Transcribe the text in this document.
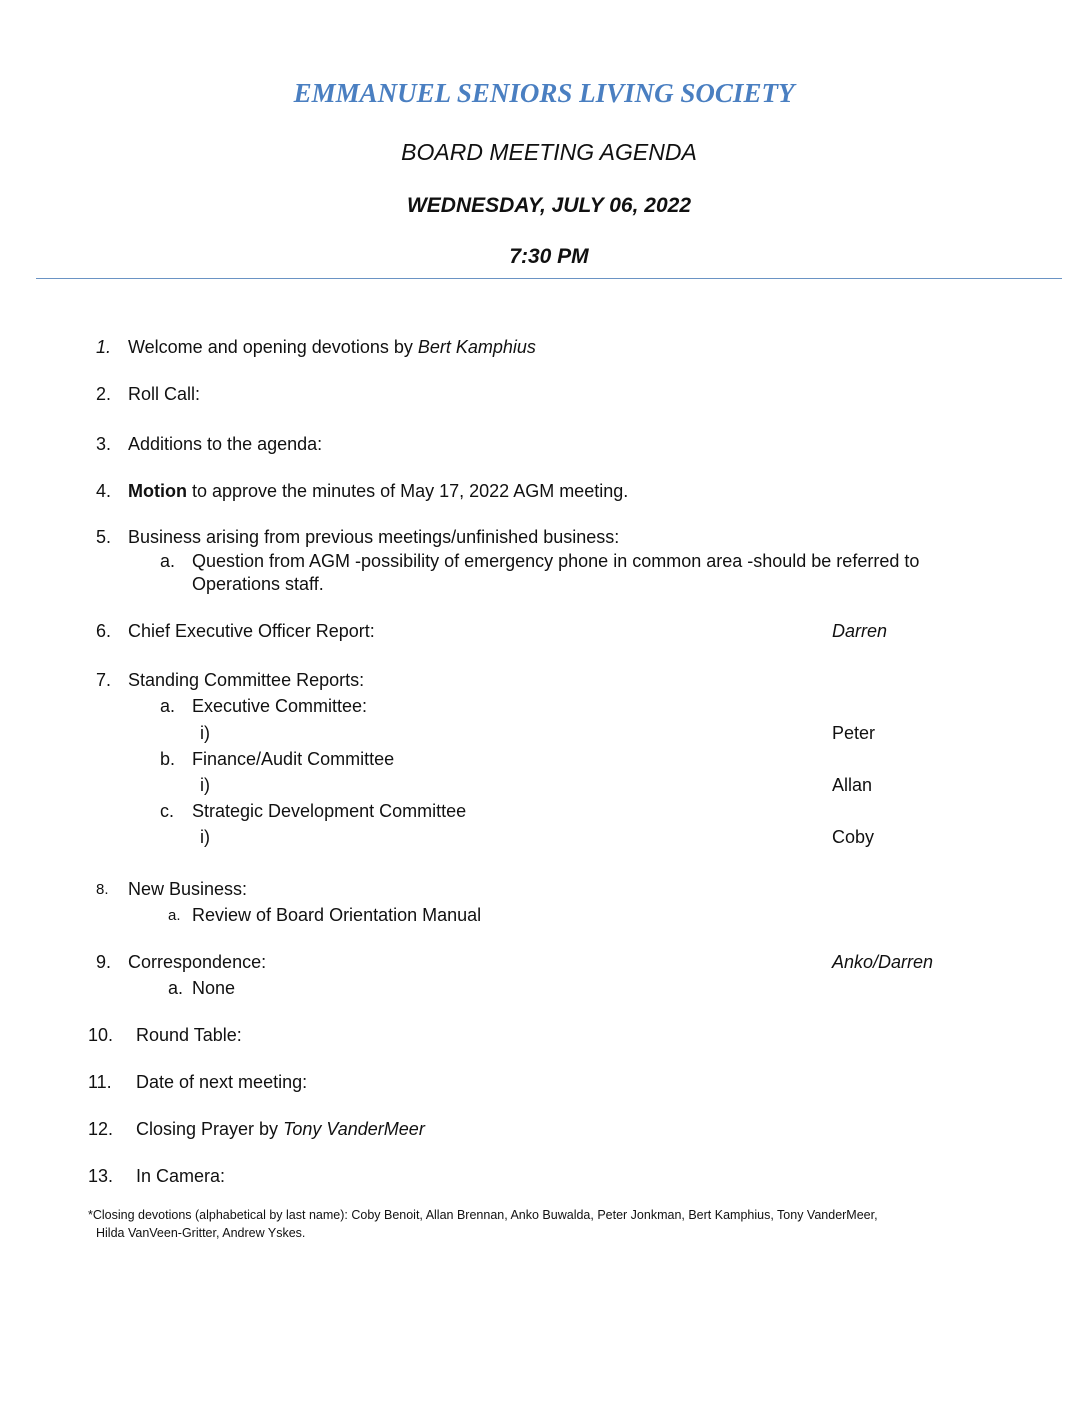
EMMANUEL SENIORS LIVING SOCIETY
BOARD MEETING AGENDA
WEDNESDAY, JULY 06, 2022
7:30 PM
1. Welcome and opening devotions by Bert Kamphius
2. Roll Call:
3. Additions to the agenda:
4. Motion to approve the minutes of May 17, 2022 AGM meeting.
5. Business arising from previous meetings/unfinished business:
a. Question from AGM -possibility of emergency phone in common area -should be referred to
Operations staff.
6. Chief Executive Officer Report:	Darren
7. Standing Committee Reports:
a. Executive Committee:
i)	Peter
b. Finance/Audit Committee
i)	Allan
c. Strategic Development Committee
i)	Coby
8. New Business:
a. Review of Board Orientation Manual
9. Correspondence:	Anko/Darren
a. None
10. Round Table:
11. Date of next meeting:
12. Closing Prayer by Tony VanderMeer
13. In Camera:
*Closing devotions (alphabetical by last name): Coby Benoit, Allan Brennan, Anko Buwalda, Peter Jonkman, Bert Kamphius, Tony VanderMeer,
Hilda VanVeen-Gritter, Andrew Yskes.
